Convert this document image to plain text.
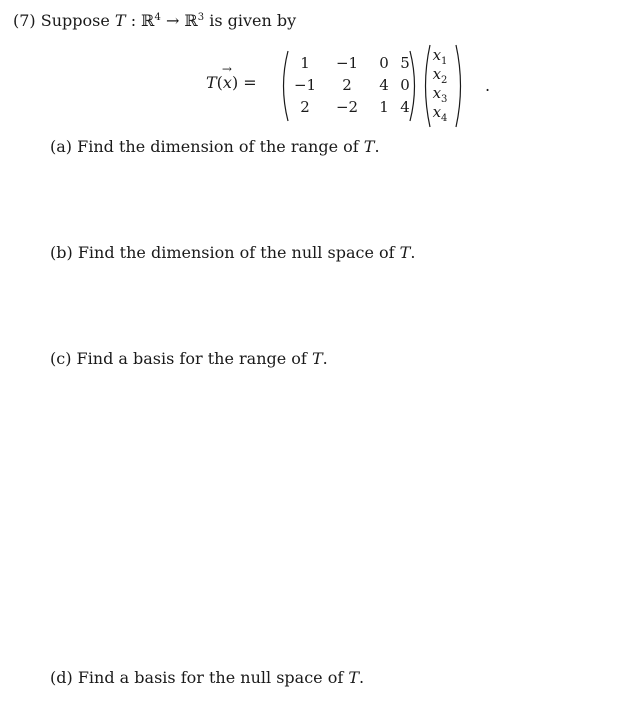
(7) Suppose T : ℝ$^4$ → ℝ$^3$ is given by
T(
→
x) =
1	−1	0 5
−1	2	4 0
2	−2	1 4
$x_1$
$x_2$
$x_3$
$x_4$
.
(a) Find the dimension of the range of T.
(b) Find the dimension of the null space of T.
(c) Find a basis for the range of T.
(d) Find a basis for the null space of T.
